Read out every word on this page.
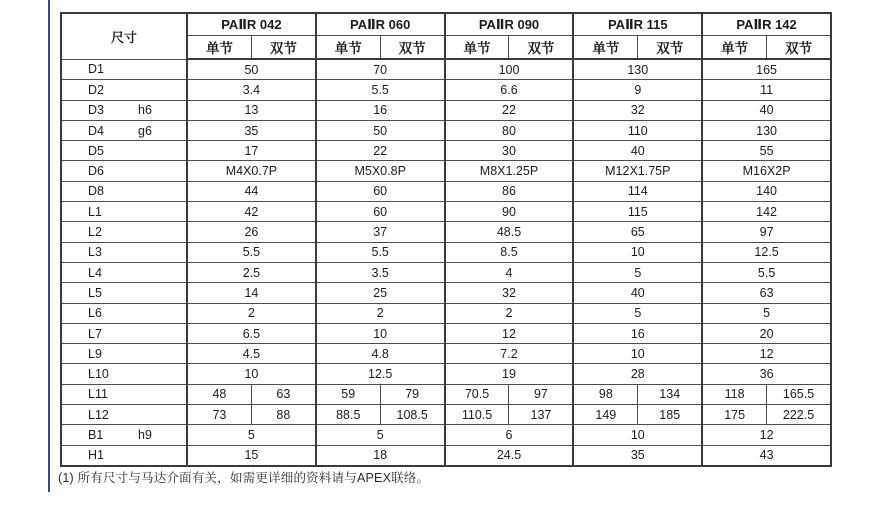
尺寸	PAⅡR 042		PAⅡR 060		PAⅡR 090		PAⅡR 115		PAⅡR 142	
	单节	双节	单节	双节	单节	双节	单节	双节	单节	双节
D1	50		70		100		130		165	
D2	3.4		5.5		6.6		9		11	
D3 h6	13		16		22		32		40	
D4 g6	35		50		80		110		130	
D5	17		22		30		40		55	
D6	M4X0.7P		M5X0.8P		M8X1.25P		M12X1.75P		M16X2P	
D8	44		60		86		114		140	
L1	42		60		90		115		142	
L2	26		37		48.5		65		97	
L3	5.5		5.5		8.5		10		12.5	
L4	2.5		3.5		4		5		5.5	
L5	14		25		32		40		63	
L6	2		2		2		5		5	
L7	6.5		10		12		16		20	
L9	4.5		4.8		7.2		10		12	
L10	10		12.5		19		28		36	
L11	48	63	59	79	70.5	97	98	134	118	165.5
L12	73	88	88.5	108.5	110.5	137	149	185	175	222.5
B1 h9	5		5		6		10		12	
H1	15		18		24.5		35		43	
(1) 所有尺寸与马达介面有关，如需更详细的资料请与APEX联络。
